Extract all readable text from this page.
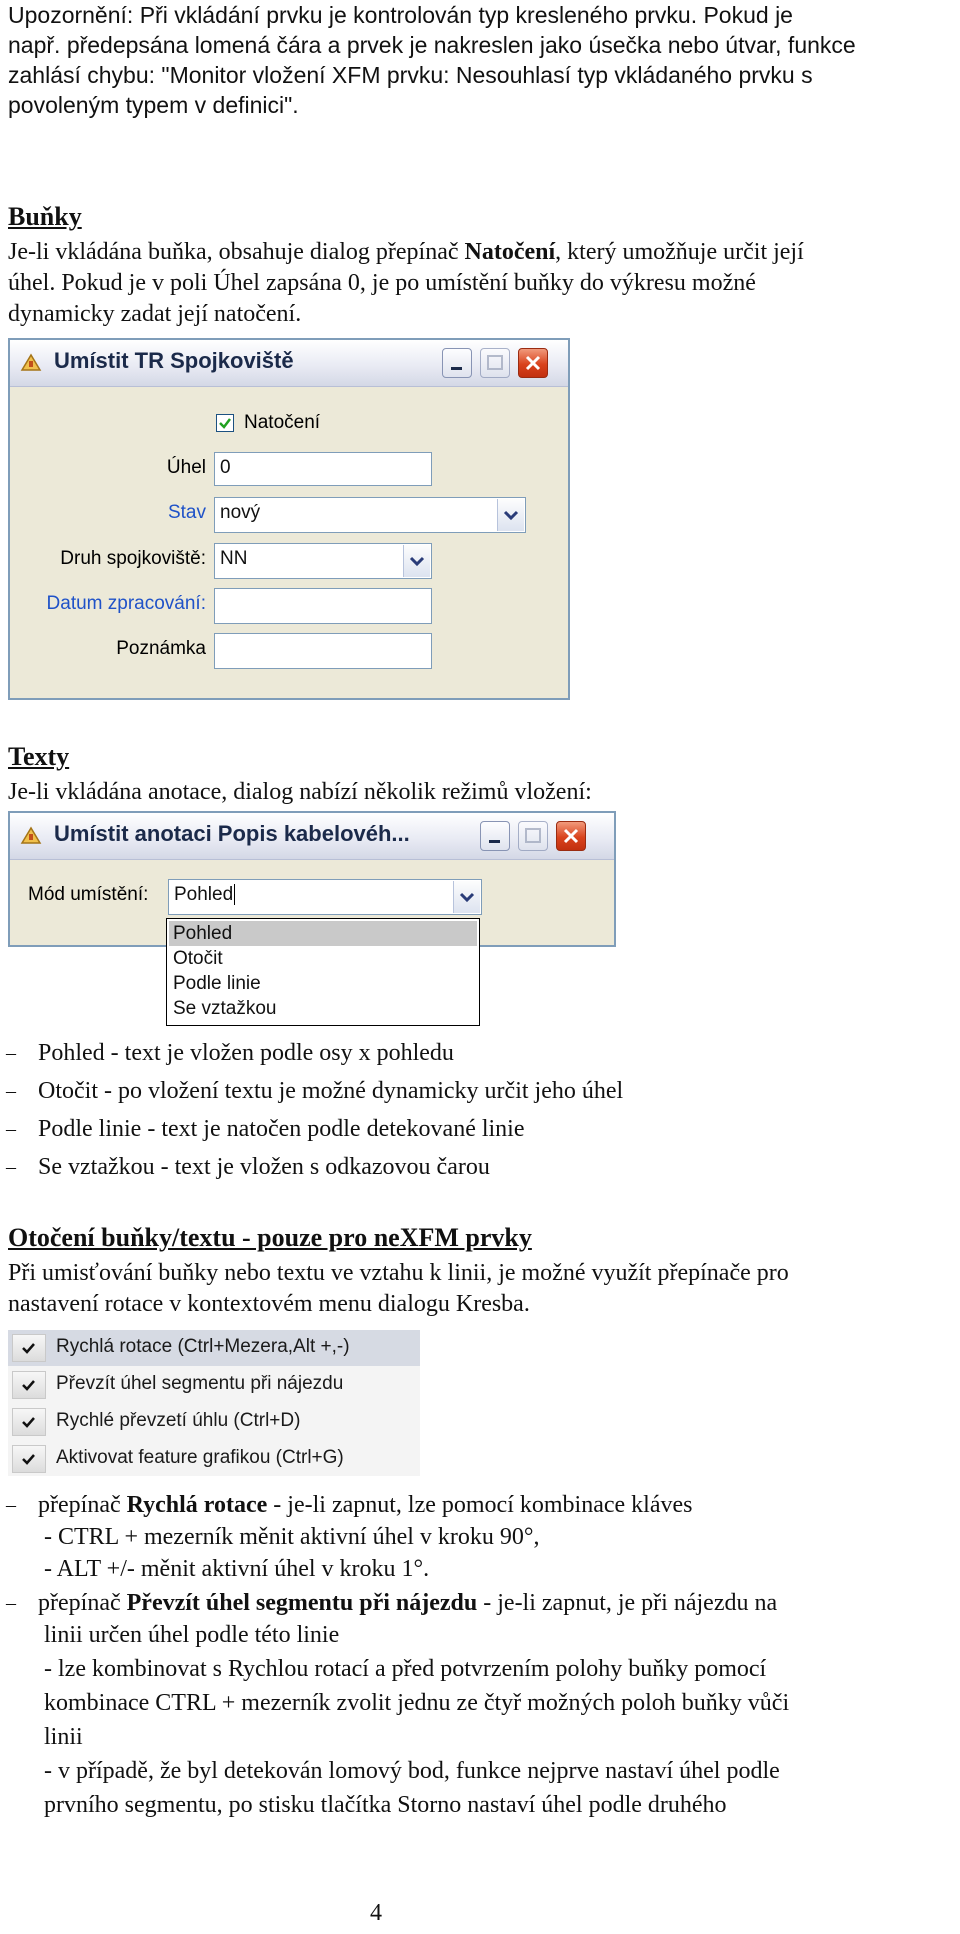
Upozornění: Při vkládání prvku je kontrolován typ kresleného prvku. Pokud je

např. předepsána lomená čára a prvek je nakreslen jako úsečka nebo útvar, funkce

zahlásí chybu: "Monitor vložení XFM prvku: Nesouhlasí typ vkládaného prvku s

povoleným typem v definici".

Buňky

Je-li vkládána buňka, obsahuje dialog přepínač Natočení, který umožňuje určit její

úhel. Pokud je v poli Úhel zapsána 0, je po umístění buňky do výkresu možné

dynamicky zadat její natočení.

Umístit TR Spojkoviště
Natočení
Úhel 0
Stav nový
Druh spojkoviště: NN
Datum zpracování:
Poznámka
Texty

Je-li vkládána anotace, dialog nabízí několik režimů vložení:

Umístit anotaci Popis kabelovéh...
Mód umístění:	Pohled
Pohled
Otočit
Podle linie
Se vztažkou
– Pohled - text je vložen podle osy x pohledu
– Otočit - po vložení textu je možné dynamicky určit jeho úhel
– Podle linie - text je natočen podle detekované linie
– Se vztažkou - text je vložen s odkazovou čarou
Otočení buňky/textu - pouze pro neXFM prvky

Při umisťování buňky nebo textu ve vztahu k linii, je možné využít přepínače pro

nastavení rotace v kontextovém menu dialogu Kresba.

Rychlá rotace (Ctrl+Mezera,Alt +,-)
Převzít úhel segmentu při nájezdu
Rychlé převzetí úhlu (Ctrl+D)
Aktivovat feature grafikou (Ctrl+G)
– přepínač Rychlá rotace - je-li zapnut, lze pomocí kombinace kláves
- CTRL + mezerník měnit aktivní úhel v kroku 90°,
- ALT +/- měnit aktivní úhel v kroku 1°.
– přepínač Převzít úhel segmentu při nájezdu - je-li zapnut, je při nájezdu na
linii určen úhel podle této linie
- lze kombinovat s Rychlou rotací a před potvrzením polohy buňky pomocí
kombinace CTRL + mezerník zvolit jednu ze čtyř možných poloh buňky vůči
linii
- v případě, že byl detekován lomový bod, funkce nejprve nastaví úhel podle
prvního segmentu, po stisku tlačítka Storno nastaví úhel podle druhého
4
